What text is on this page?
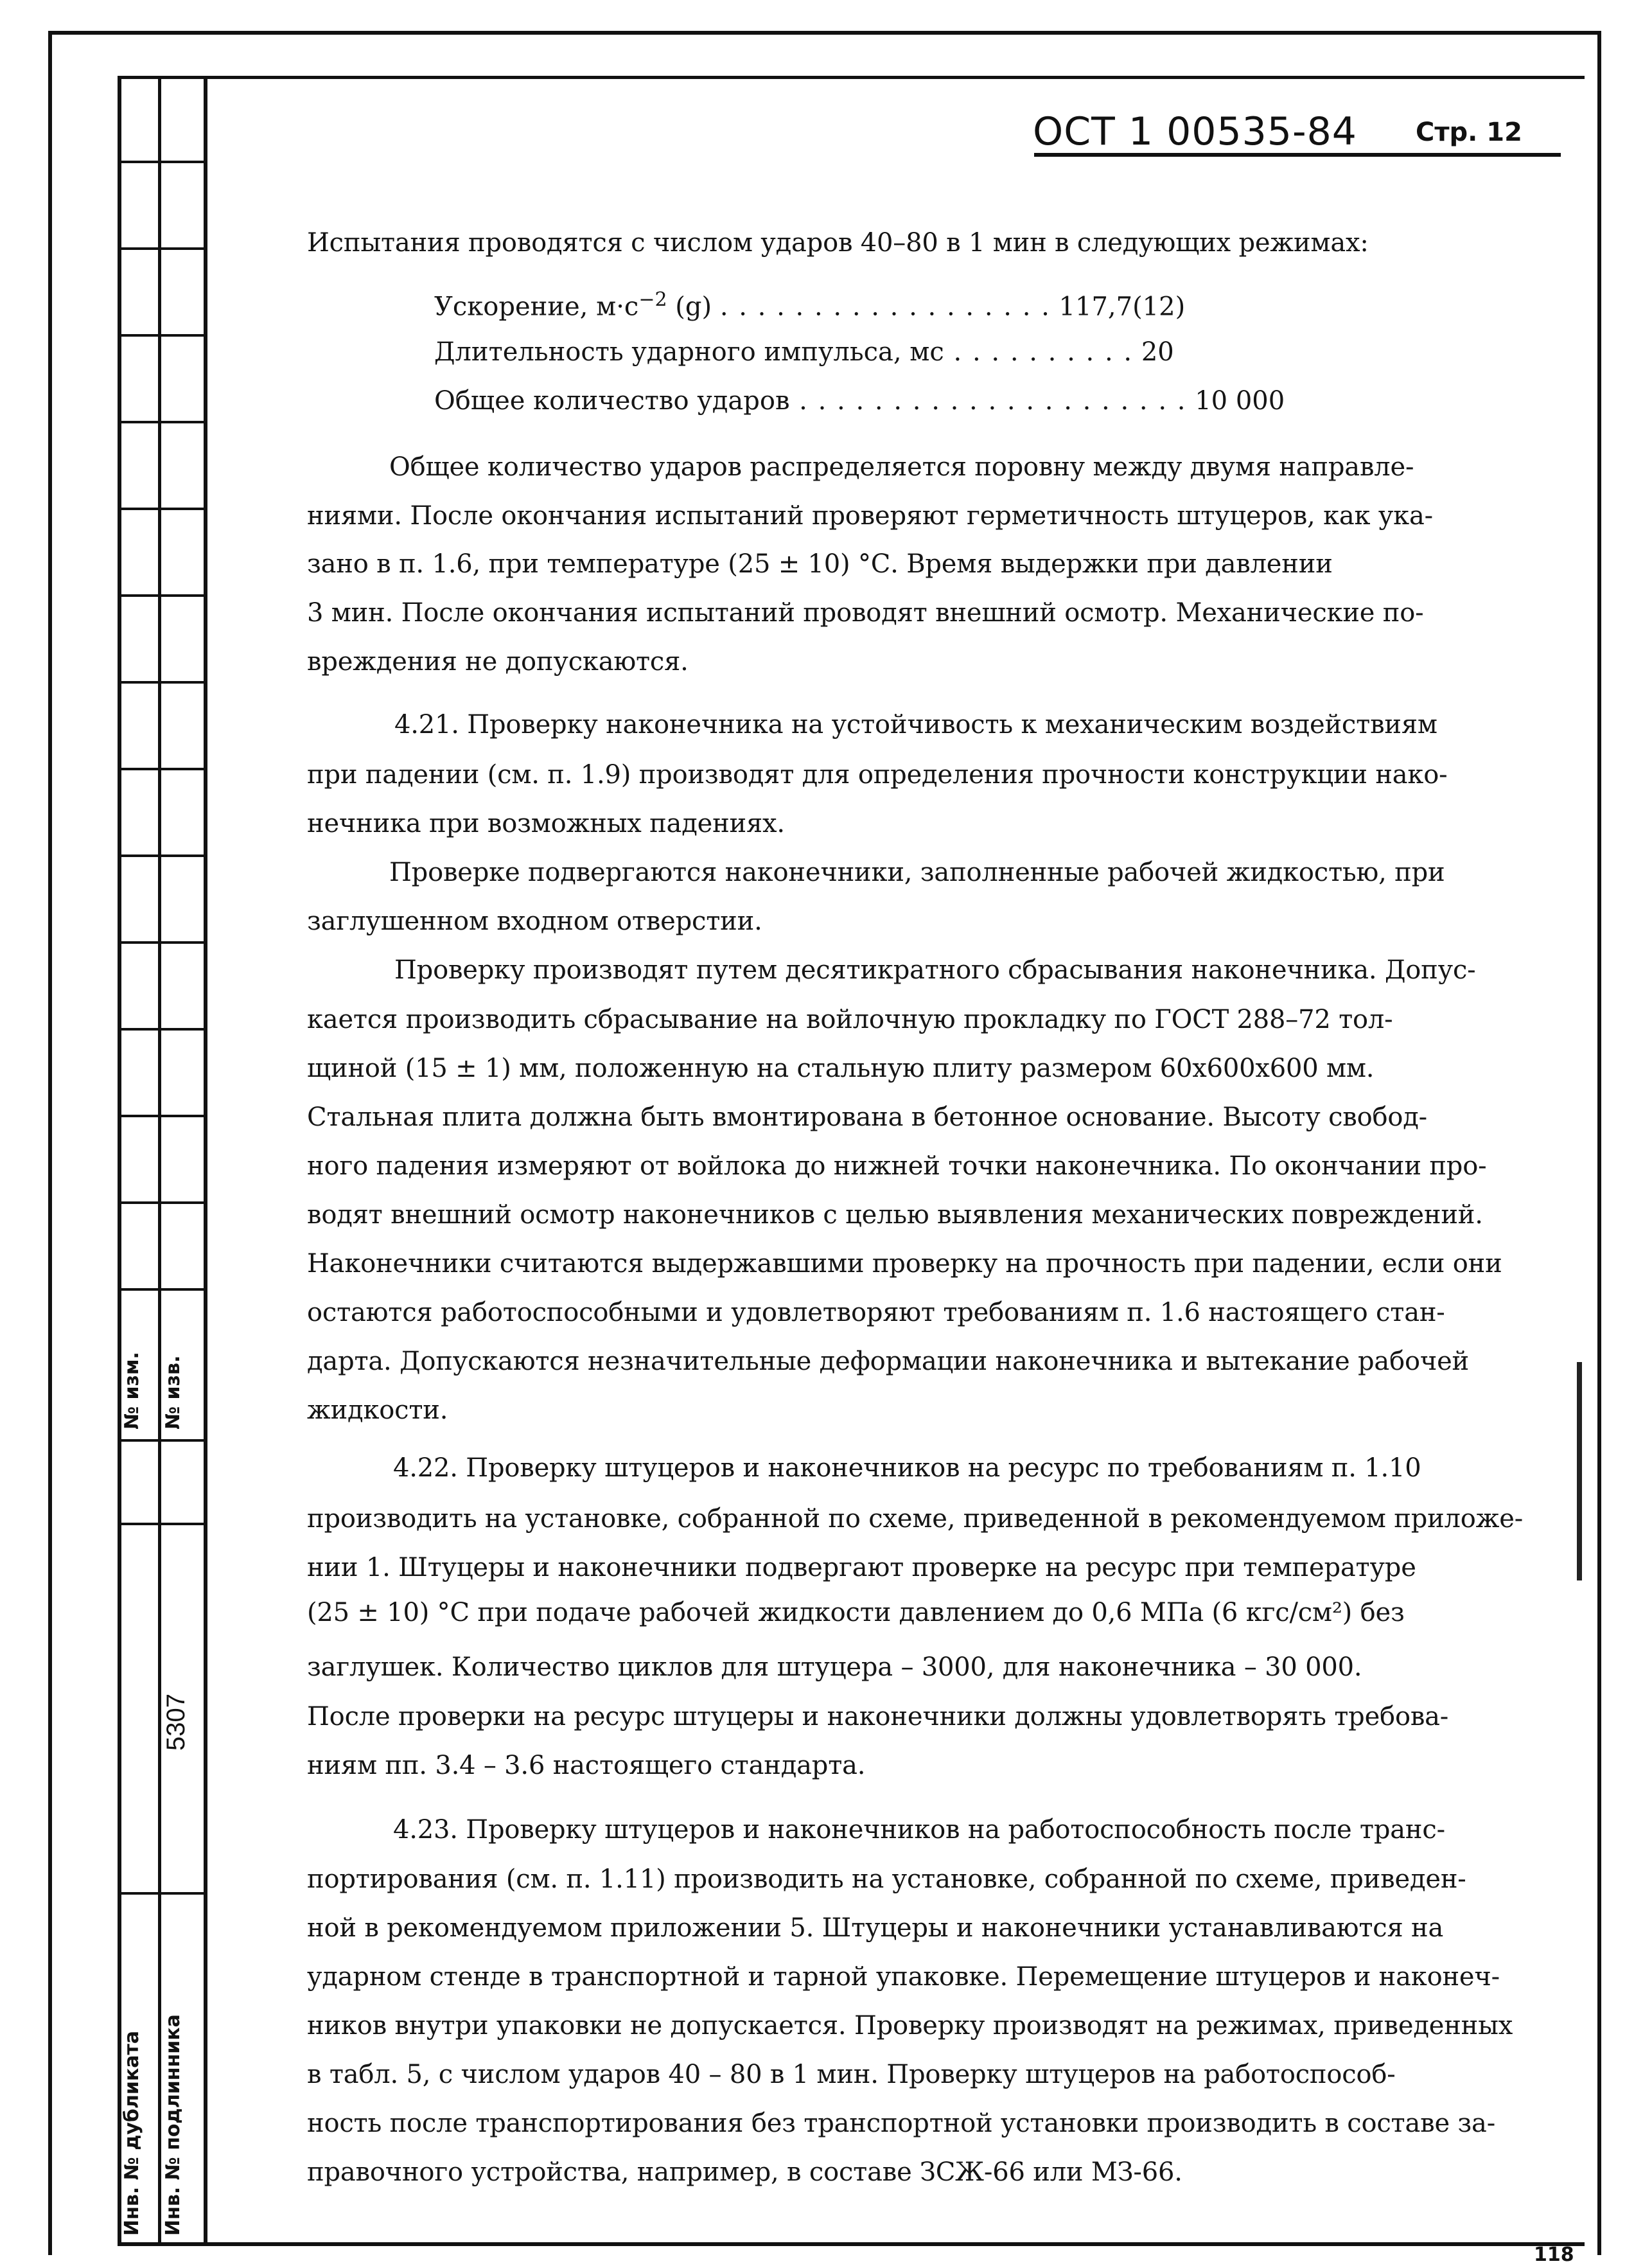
№ изм. № изв.
5307
Инв. № дубликата Инв. № подлинника
ОСТ 1 00535-84 Стр. 12
Испытания проводятся с числом ударов 40–80 в 1 мин в следующих режимах:
Ускорение, $м\cdot с^{-2}$ (g) . . . . . . . . . . . . . . . . . . 117,7(12)
Длительность ударного импульса, мс . . . . . . . . . . 20
Общее количество ударов . . . . . . . . . . . . . . . . . . . . . 10 000
Общее количество ударов распределяется поровну между двумя направле-
ниями. После окончания испытаний проверяют герметичность штуцеров, как ука-
зано в п. 1.6, при температуре (25 ± 10) °С. Время выдержки при давлении
3 мин. После окончания испытаний проводят внешний осмотр. Механические по-
вреждения не допускаются.
4.21. Проверку наконечника на устойчивость к механическим воздействиям
при падении (см. п. 1.9) производят для определения прочности конструкции нако-
нечника при возможных падениях.
Проверке подвергаются наконечники, заполненные рабочей жидкостью, при
заглушенном входном отверстии.
Проверку производят путем десятикратного сбрасывания наконечника. Допус-
кается производить сбрасывание на войлочную прокладку по ГОСТ 288–72 тол-
щиной (15 ± 1) мм, положенную на стальную плиту размером 60х600х600 мм.
Стальная плита должна быть вмонтирована в бетонное основание. Высоту свобод-
ного падения измеряют от войлока до нижней точки наконечника. По окончании про-
водят внешний осмотр наконечников с целью выявления механических повреждений.
Наконечники считаются выдержавшими проверку на прочность при падении, если они
остаются работоспособными и удовлетворяют требованиям п. 1.6 настоящего стан-
дарта. Допускаются незначительные деформации наконечника и вытекание рабочей
жидкости.
4.22. Проверку штуцеров и наконечников на ресурс по требованиям п. 1.10
производить на установке, собранной по схеме, приведенной в рекомендуемом приложе-
нии 1. Штуцеры и наконечники подвергают проверке на ресурс при температуре
(25 ± 10) °С при подаче рабочей жидкости давлением до 0,6 МПа (6 кгс/см²) без
заглушек. Количество циклов для штуцера – 3000, для наконечника – 30 000.
После проверки на ресурс штуцеры и наконечники должны удовлетворять требова-
ниям пп. 3.4 – 3.6 настоящего стандарта.
4.23. Проверку штуцеров и наконечников на работоспособность после транс-
портирования (см. п. 1.11) производить на установке, собранной по схеме, приведен-
ной в рекомендуемом приложении 5. Штуцеры и наконечники устанавливаются на
ударном стенде в транспортной и тарной упаковке. Перемещение штуцеров и наконеч-
ников внутри упаковки не допускается. Проверку производят на режимах, приведенных
в табл. 5, с числом ударов 40 – 80 в 1 мин. Проверку штуцеров на работоспособ-
ность после транспортирования без транспортной установки производить в составе за-
правочного устройства, например, в составе ЗСЖ-66 или МЗ-66.
118
